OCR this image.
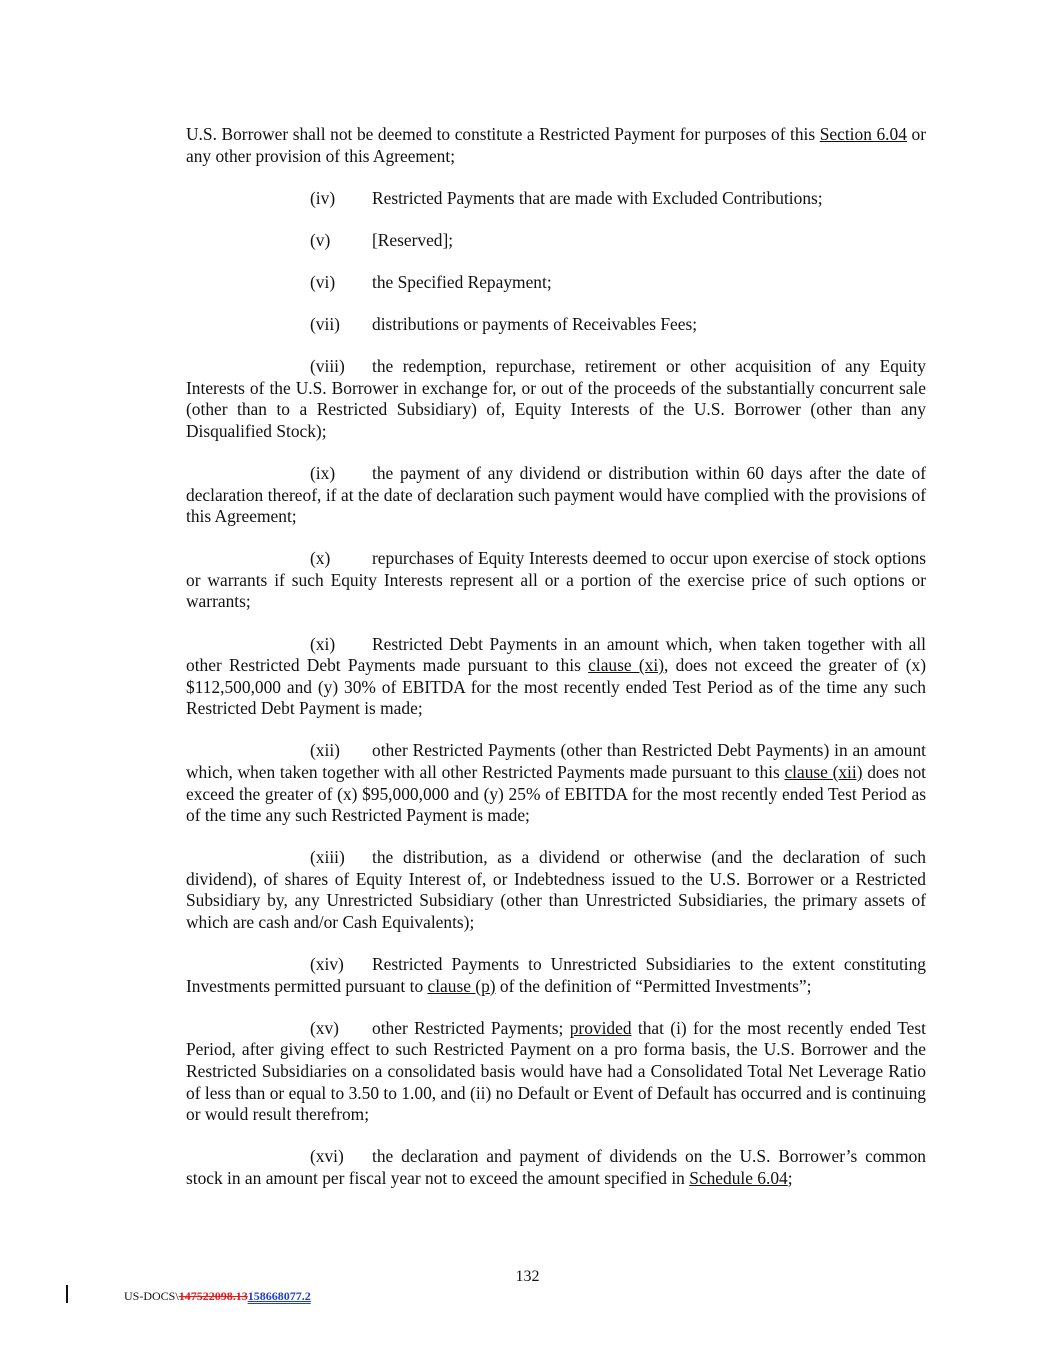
U.S. Borrower shall not be deemed to constitute a Restricted Payment for purposes of this Section 6.04 or any other provision of this Agreement;

(iv) Restricted Payments that are made with Excluded Contributions;

(v) [Reserved];

(vi) the Specified Repayment;

(vii) distributions or payments of Receivables Fees;

(viii) the redemption, repurchase, retirement or other acquisition of any Equity Interests of the U.S. Borrower in exchange for, or out of the proceeds of the substantially concurrent sale (other than to a Restricted Subsidiary) of, Equity Interests of the U.S. Borrower (other than any Disqualified Stock);

(ix) the payment of any dividend or distribution within 60 days after the date of declaration thereof, if at the date of declaration such payment would have complied with the provisions of this Agreement;

(x) repurchases of Equity Interests deemed to occur upon exercise of stock options or warrants if such Equity Interests represent all or a portion of the exercise price of such options or warrants;

(xi) Restricted Debt Payments in an amount which, when taken together with all other Restricted Debt Payments made pursuant to this clause (xi), does not exceed the greater of (x) $112,500,000 and (y) 30% of EBITDA for the most recently ended Test Period as of the time any such Restricted Debt Payment is made;

(xii) other Restricted Payments (other than Restricted Debt Payments) in an amount which, when taken together with all other Restricted Payments made pursuant to this clause (xii) does not exceed the greater of (x) $95,000,000 and (y) 25% of EBITDA for the most recently ended Test Period as of the time any such Restricted Payment is made;

(xiii) the distribution, as a dividend or otherwise (and the declaration of such dividend), of shares of Equity Interest of, or Indebtedness issued to the U.S. Borrower or a Restricted Subsidiary by, any Unrestricted Subsidiary (other than Unrestricted Subsidiaries, the primary assets of which are cash and/or Cash Equivalents);

(xiv) Restricted Payments to Unrestricted Subsidiaries to the extent constituting Investments permitted pursuant to clause (p) of the definition of “Permitted Investments”;

(xv) other Restricted Payments; provided that (i) for the most recently ended Test Period, after giving effect to such Restricted Payment on a pro forma basis, the U.S. Borrower and the Restricted Subsidiaries on a consolidated basis would have had a Consolidated Total Net Leverage Ratio of less than or equal to 3.50 to 1.00, and (ii) no Default or Event of Default has occurred and is continuing or would result therefrom;

(xvi) the declaration and payment of dividends on the U.S. Borrower’s common stock in an amount per fiscal year not to exceed the amount specified in Schedule 6.04;

132
US-DOCS\147522098.13158668077.2
